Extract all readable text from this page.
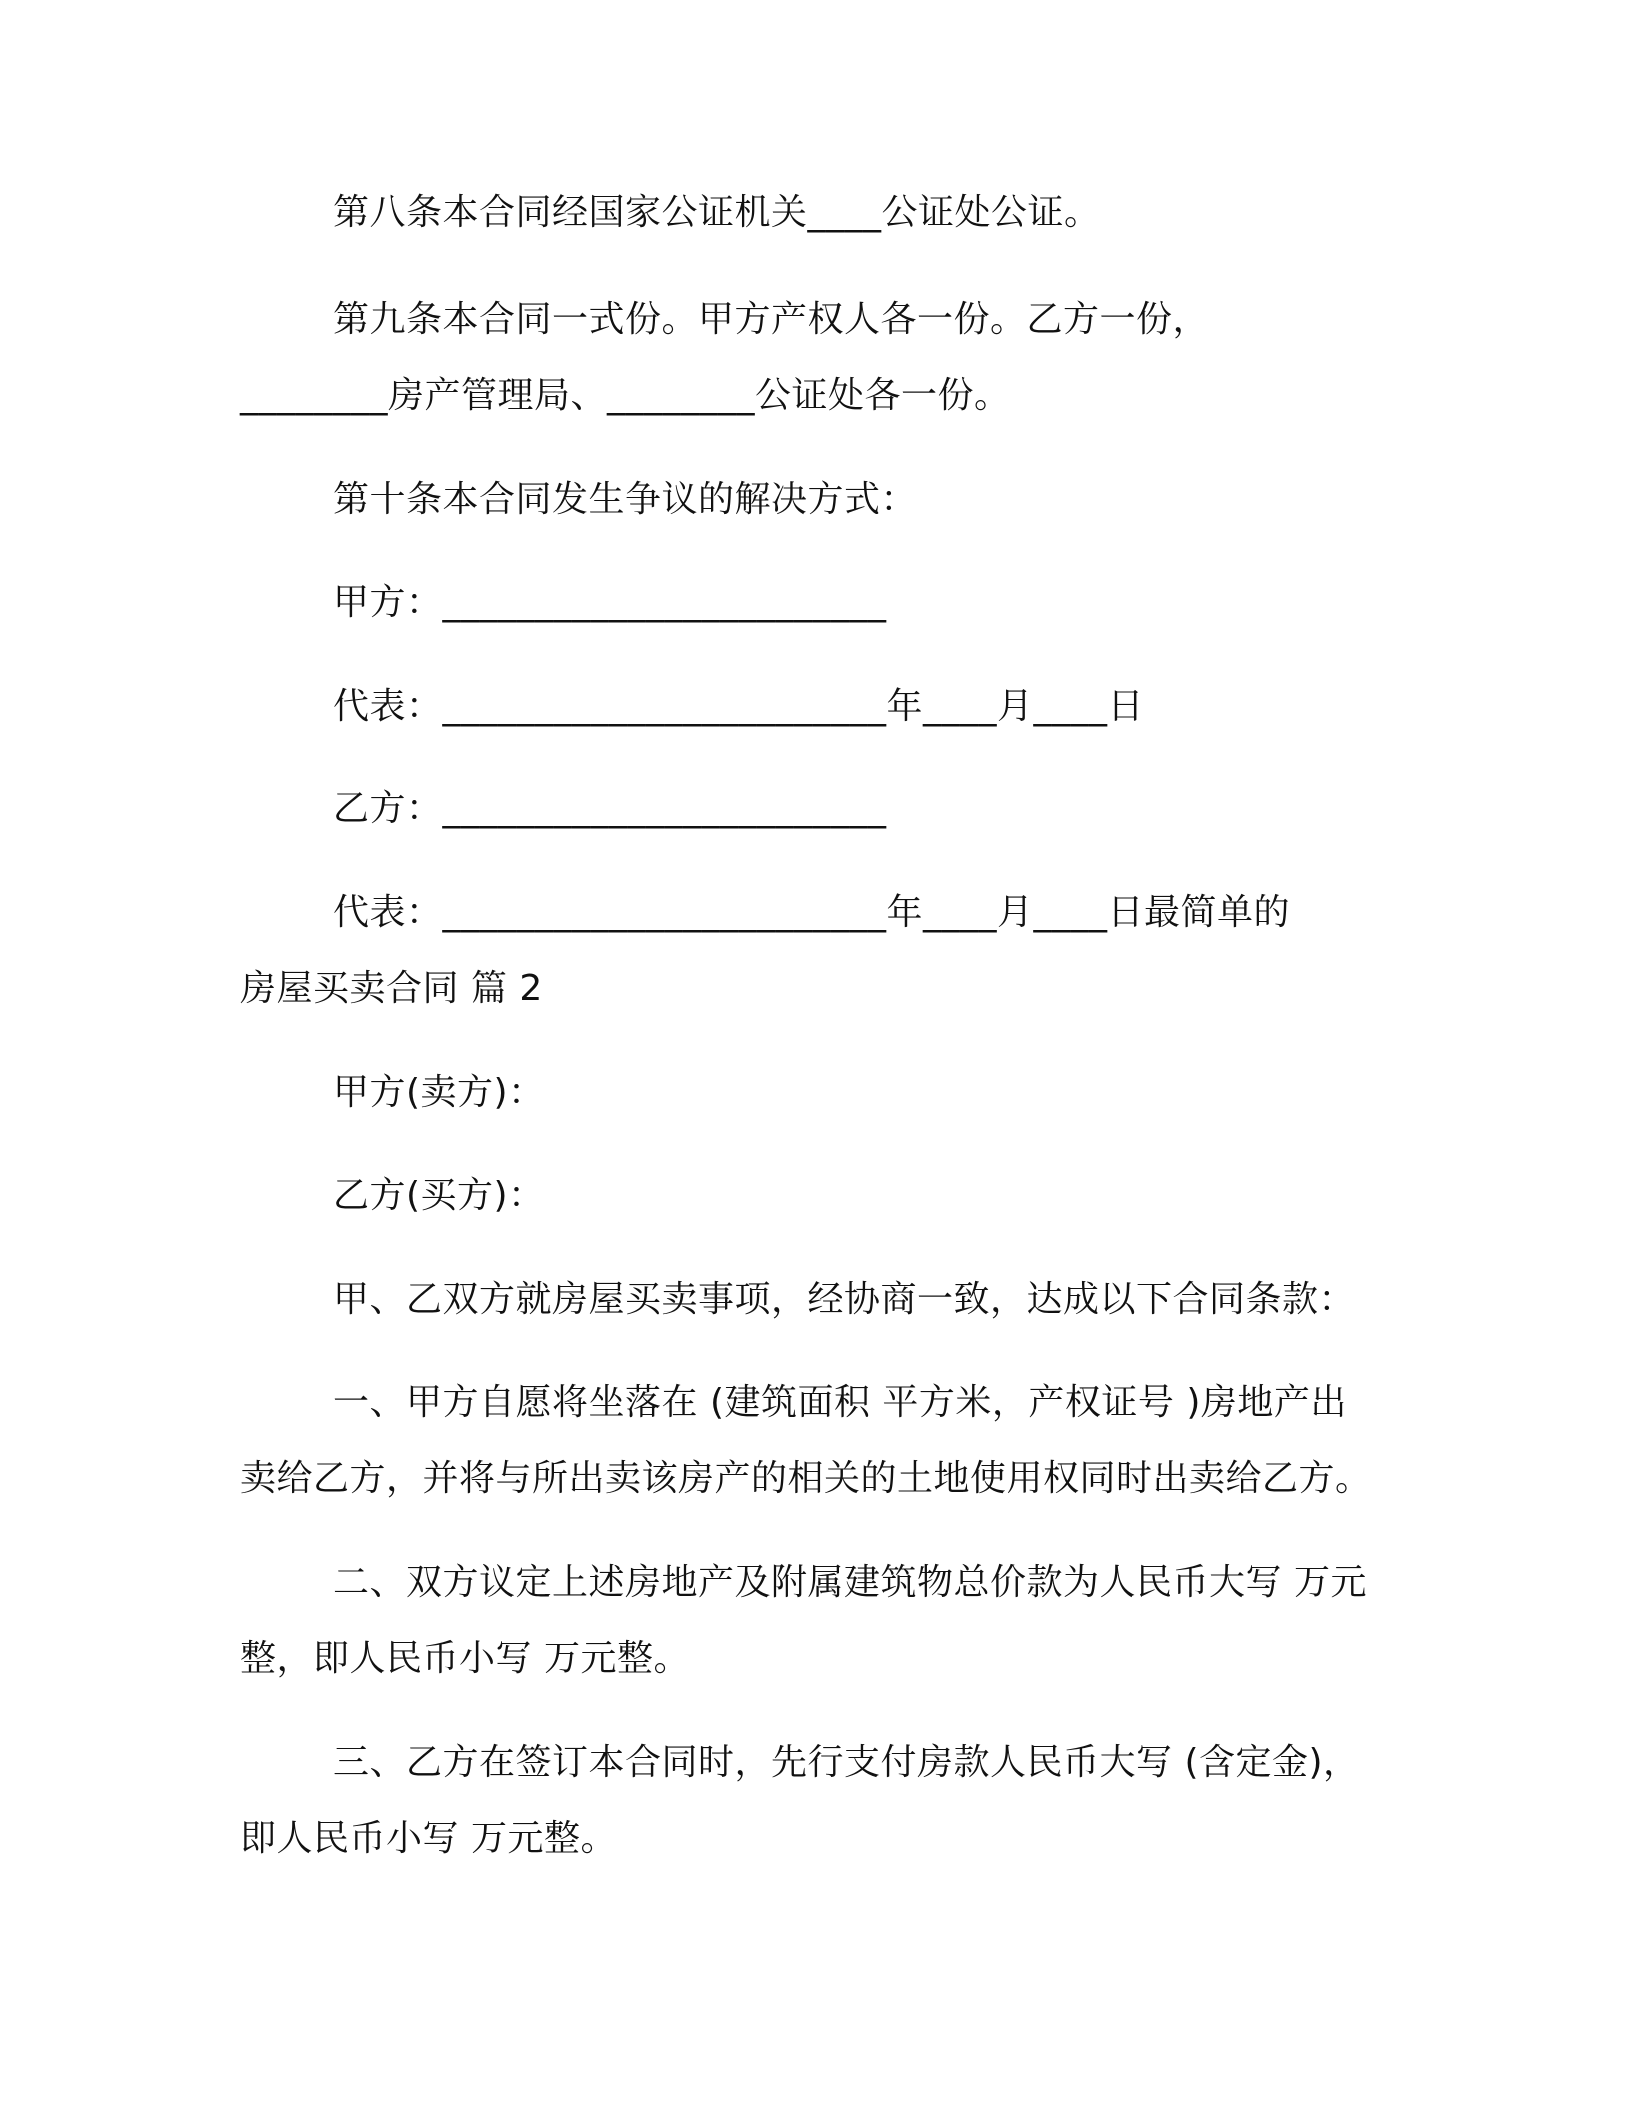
第八条本合同经国家公证机关____公证处公证。
第九条本合同一式份。甲方产权人各一份。乙方一份，
________房产管理局、________公证处各一份。
第十条本合同发生争议的解决方式：
甲方：________________________
代表：________________________年____月____日
乙方：________________________
代表：________________________年____月____日最简单的
房屋买卖合同 篇 2
甲方(卖方)：
乙方(买方)：
甲、乙双方就房屋买卖事项，经协商一致，达成以下合同条款：
一、甲方自愿将坐落在 (建筑面积 平方米，产权证号 )房地产出
卖给乙方，并将与所出卖该房产的相关的土地使用权同时出卖给乙方。
二、双方议定上述房地产及附属建筑物总价款为人民币大写 万元
整，即人民币小写 万元整。
三、乙方在签订本合同时，先行支付房款人民币大写 (含定金)，
即人民币小写 万元整。
